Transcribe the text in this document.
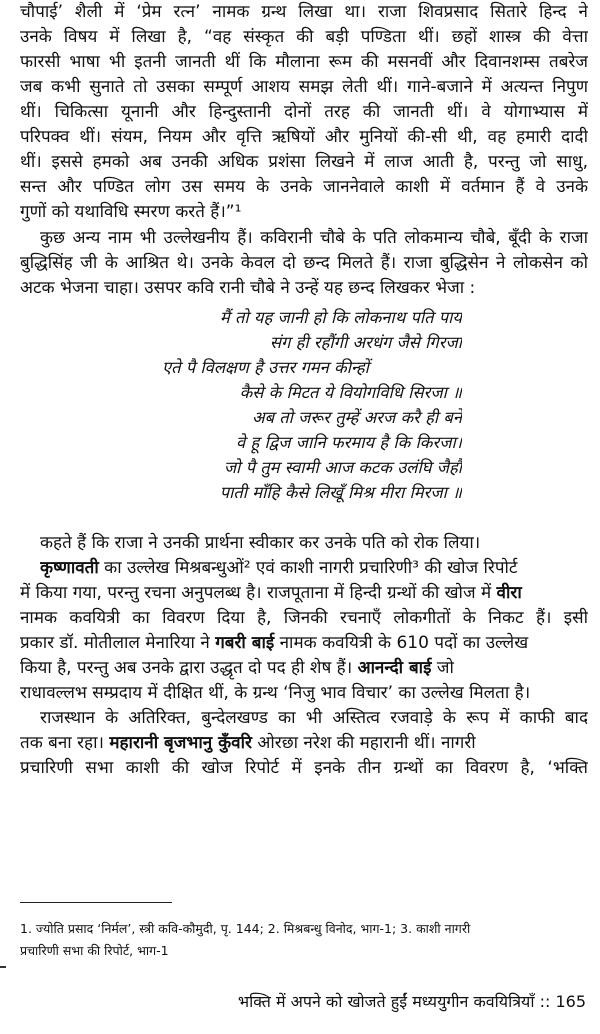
चौपाई’ शैली में ‘प्रेम रत्न’ नामक ग्रन्थ लिखा था। राजा शिवप्रसाद सितारे हिन्द ने
उनके विषय में लिखा है, “वह संस्कृत की बड़ी पण्डिता थीं। छहों शास्त्र की वेत्ता
फारसी भाषा भी इतनी जानती थीं कि मौलाना रूम की मसनवीं और दिवानशम्स तबरेज
जब कभी सुनाते तो उसका सम्पूर्ण आशय समझ लेती थीं। गाने-बजाने में अत्यन्त निपुण
थीं। चिकित्सा यूनानी और हिन्दुस्तानी दोनों तरह की जानती थीं। वे योगाभ्यास में
परिपक्व थीं। संयम, नियम और वृत्ति ऋषियों और मुनियों की-सी थी, वह हमारी दादी
थीं। इससे हमको अब उनकी अधिक प्रशंसा लिखने में लाज आती है, परन्तु जो साधु,
सन्त और पण्डित लोग उस समय के उनके जाननेवाले काशी में वर्तमान हैं वे उनके
गुणों को यथाविधि स्मरण करते हैं।”¹
कुछ अन्य नाम भी उल्लेखनीय हैं। कविरानी चौबे के पति लोकमान्य चौबे, बूँदी के राजा
बुद्धिसिंह जी के आश्रित थे। उनके केवल दो छन्द मिलते हैं। राजा बुद्धिसेन ने लोकसेन को
अटक भेजना चाहा। उसपर कवि रानी चौबे ने उन्हें यह छन्द लिखकर भेजा :
मैं तो यह जानी हो कि लोकनाथ पति पाय
संग ही रहौंगी अरधंग जैसे गिरजा
एते पै विलक्षण है उत्तर गमन कीन्हों
कैसे के मिटत ये वियोगविधि सिरजा ॥
अब तो जरूर तुम्हें अरज करै ही बने
वे हू द्विज जानि फरमाय है कि किरजा।
जो पै तुम स्वामी आज कटक उलंघि जैहौ
पाती माँहि कैसे लिखूँ मिश्र मीरा मिरजा ॥
कहते हैं कि राजा ने उनकी प्रार्थना स्वीकार कर उनके पति को रोक लिया।
कृष्णावती का उल्लेख मिश्रबन्धुओं² एवं काशी नागरी प्रचारिणी³ की खोज रिपोर्ट
में किया गया, परन्तु रचना अनुपलब्ध है। राजपूताना में हिन्दी ग्रन्थों की खोज में वीरा
नामक कवयित्री का विवरण दिया है, जिनकी रचनाएँ लोकगीतों के निकट हैं। इसी
प्रकार डॉ. मोतीलाल मेनारिया ने गबरी बाई नामक कवयित्री के 610 पदों का उल्लेख
किया है, परन्तु अब उनके द्वारा उद्धृत दो पद ही शेष हैं। आनन्दी बाई जो
राधावल्लभ सम्प्रदाय में दीक्षित थीं, के ग्रन्थ ‘निजु भाव विचार’ का उल्लेख मिलता है।
राजस्थान के अतिरिक्त, बुन्देलखण्ड का भी अस्तित्व रजवाड़े के रूप में काफी बाद
तक बना रहा। महारानी बृजभानु कुँवरि ओरछा नरेश की महारानी थीं। नागरी
प्रचारिणी सभा काशी की खोज रिपोर्ट में इनके तीन ग्रन्थों का विवरण है, ‘भक्ति
1. ज्योति प्रसाद ‘निर्मल’, स्त्री कवि-कौमुदी, पृ. 144; 2. मिश्रबन्धु विनोद, भाग-1; 3. काशी नागरी
प्रचारिणी सभा की रिपोर्ट, भाग-1
भक्ति में अपने को खोजते हुईं मध्ययुगीन कवयित्रियाँ :: 165
